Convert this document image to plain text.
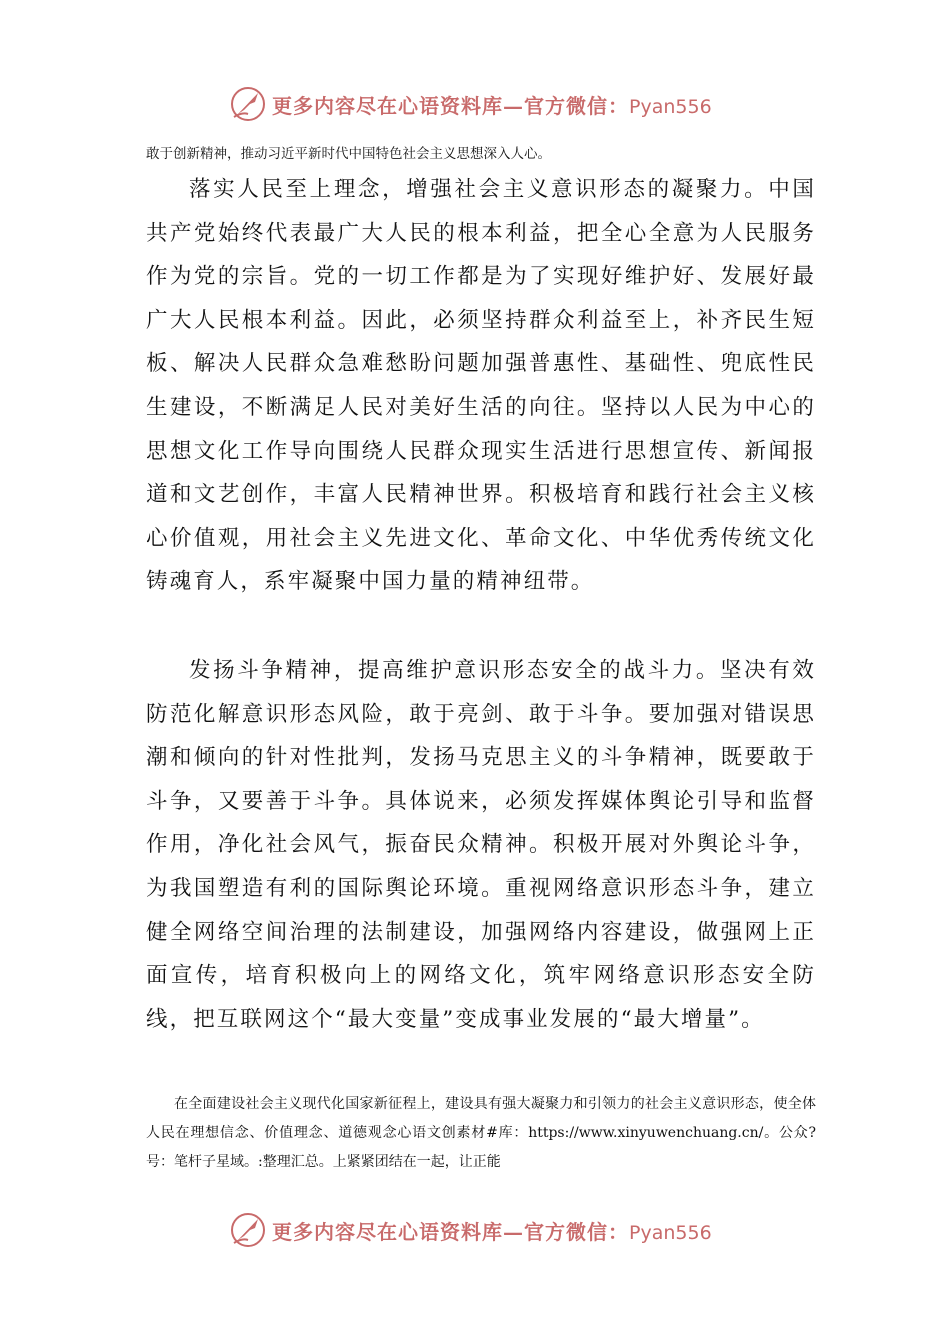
更多内容尽在心语资料库—官方微信：Pyan556
敢于创新精神，推动习近平新时代中国特色社会主义思想深入人心。

落实人民至上理念，增强社会主义意识形态的凝聚力。中国共产党始终代表最广大人民的根本利益，把全心全意为人民服务作为党的宗旨。党的一切工作都是为了实现好维护好、发展好最广大人民根本利益。因此，必须坚持群众利益至上，补齐民生短板、解决人民群众急难愁盼问题加强普惠性、基础性、兜底性民生建设，不断满足人民对美好生活的向往。坚持以人民为中心的思想文化工作导向围绕人民群众现实生活进行思想宣传、新闻报道和文艺创作，丰富人民精神世界。积极培育和践行社会主义核心价值观，用社会主义先进文化、革命文化、中华优秀传统文化铸魂育人，系牢凝聚中国力量的精神纽带。

发扬斗争精神，提高维护意识形态安全的战斗力。坚决有效防范化解意识形态风险，敢于亮剑、敢于斗争。要加强对错误思潮和倾向的针对性批判，发扬马克思主义的斗争精神，既要敢于斗争，又要善于斗争。具体说来，必须发挥媒体舆论引导和监督作用，净化社会风气，振奋民众精神。积极开展对外舆论斗争，为我国塑造有利的国际舆论环境。重视网络意识形态斗争，建立健全网络空间治理的法制建设，加强网络内容建设，做强网上正面宣传，培育积极向上的网络文化，筑牢网络意识形态安全防线，把互联网这个“最大变量”变成事业发展的“最大增量”。

在全面建设社会主义现代化国家新征程上，建设具有强大凝聚力和引领力的社会主义意识形态，使全体人民在理想信念、价值理念、道德观念心语文创素材#库：https://www.xinyuwenchuang.cn/。公众?号：笔杆子星域。:整理汇总。上紧紧团结在一起，让正能
更多内容尽在心语资料库—官方微信：Pyan556
